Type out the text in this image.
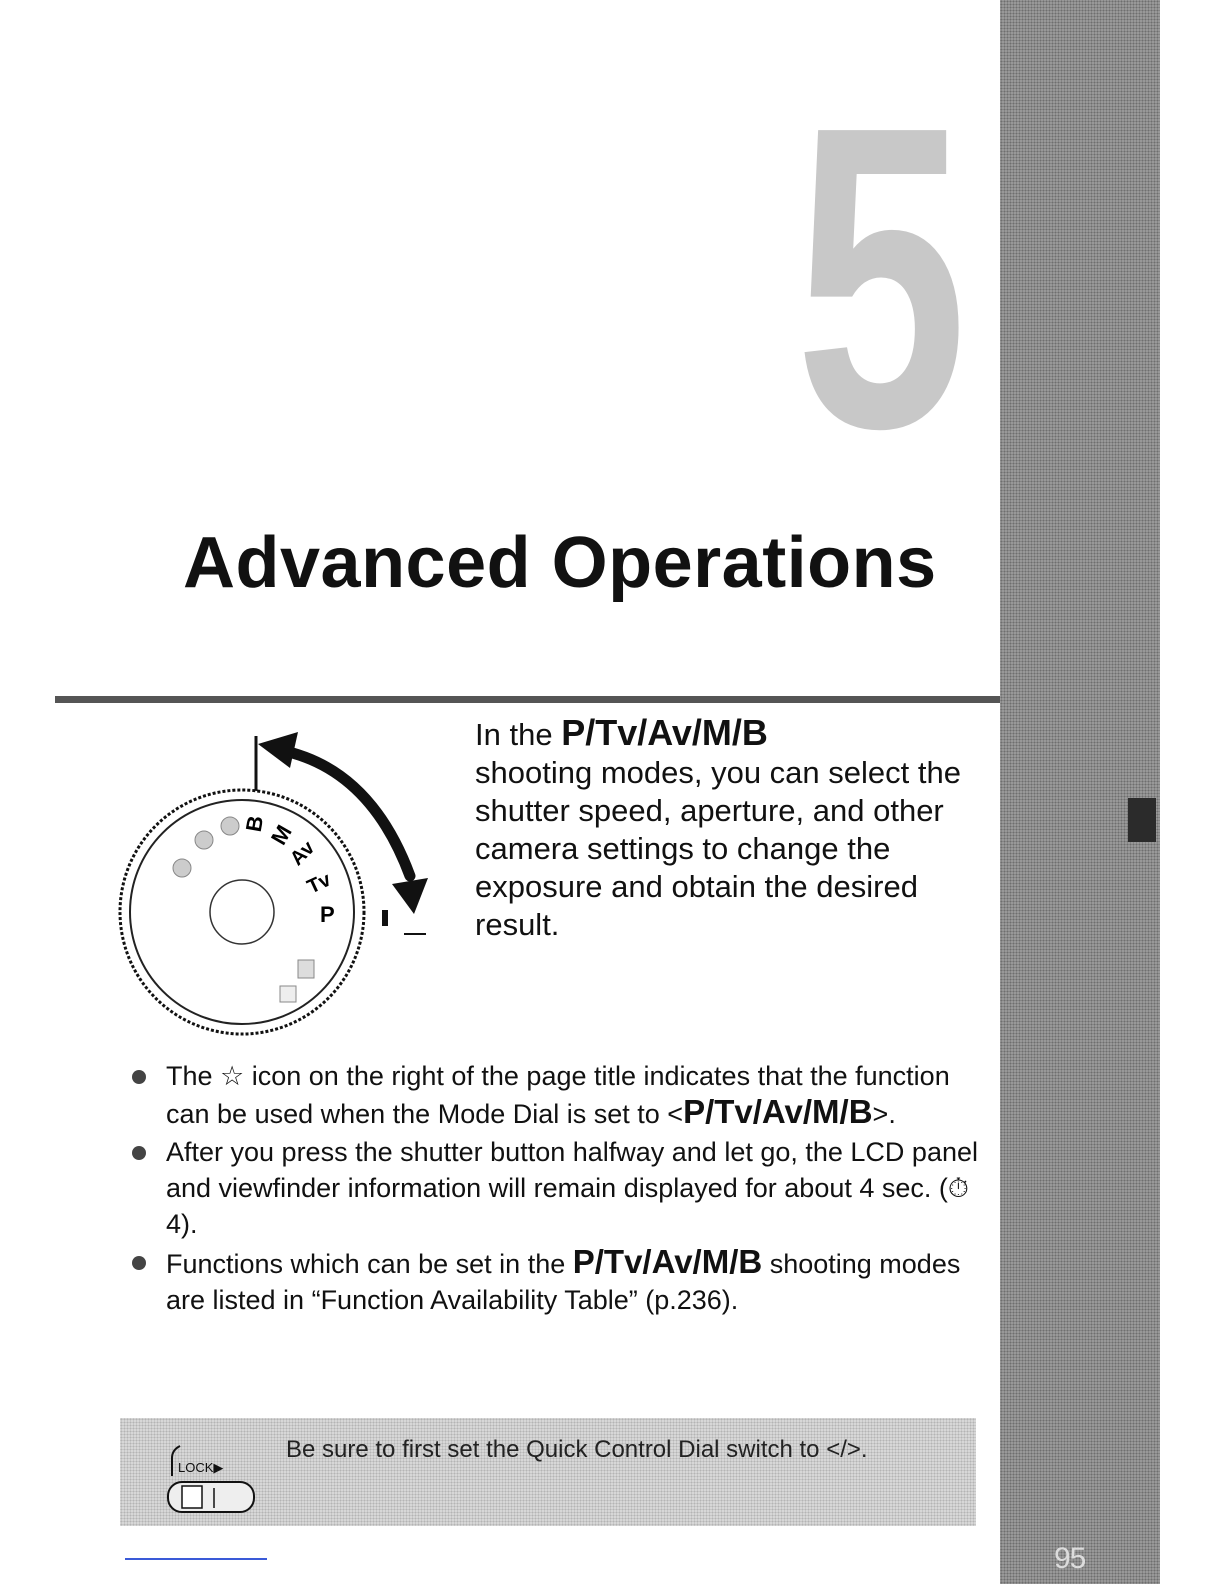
95
5
Advanced Operations
B
M
Av
Tv
P

In the P/Tv/Av/M/B
shooting modes, you can select the shutter speed, aperture, and other camera settings to change the exposure and obtain the desired result.

The ☆ icon on the right of the page title indicates that the function can be used when the Mode Dial is set to <P/Tv/Av/M/B>.
After you press the shutter button halfway and let go, the LCD panel and viewfinder information will remain displayed for about 4 sec. (⏱4).
Functions which can be set in the P/Tv/Av/M/B shooting modes are listed in “Function Availability Table” (p.236).
LOCK▶
Be sure to first set the Quick Control Dial switch to </>.
